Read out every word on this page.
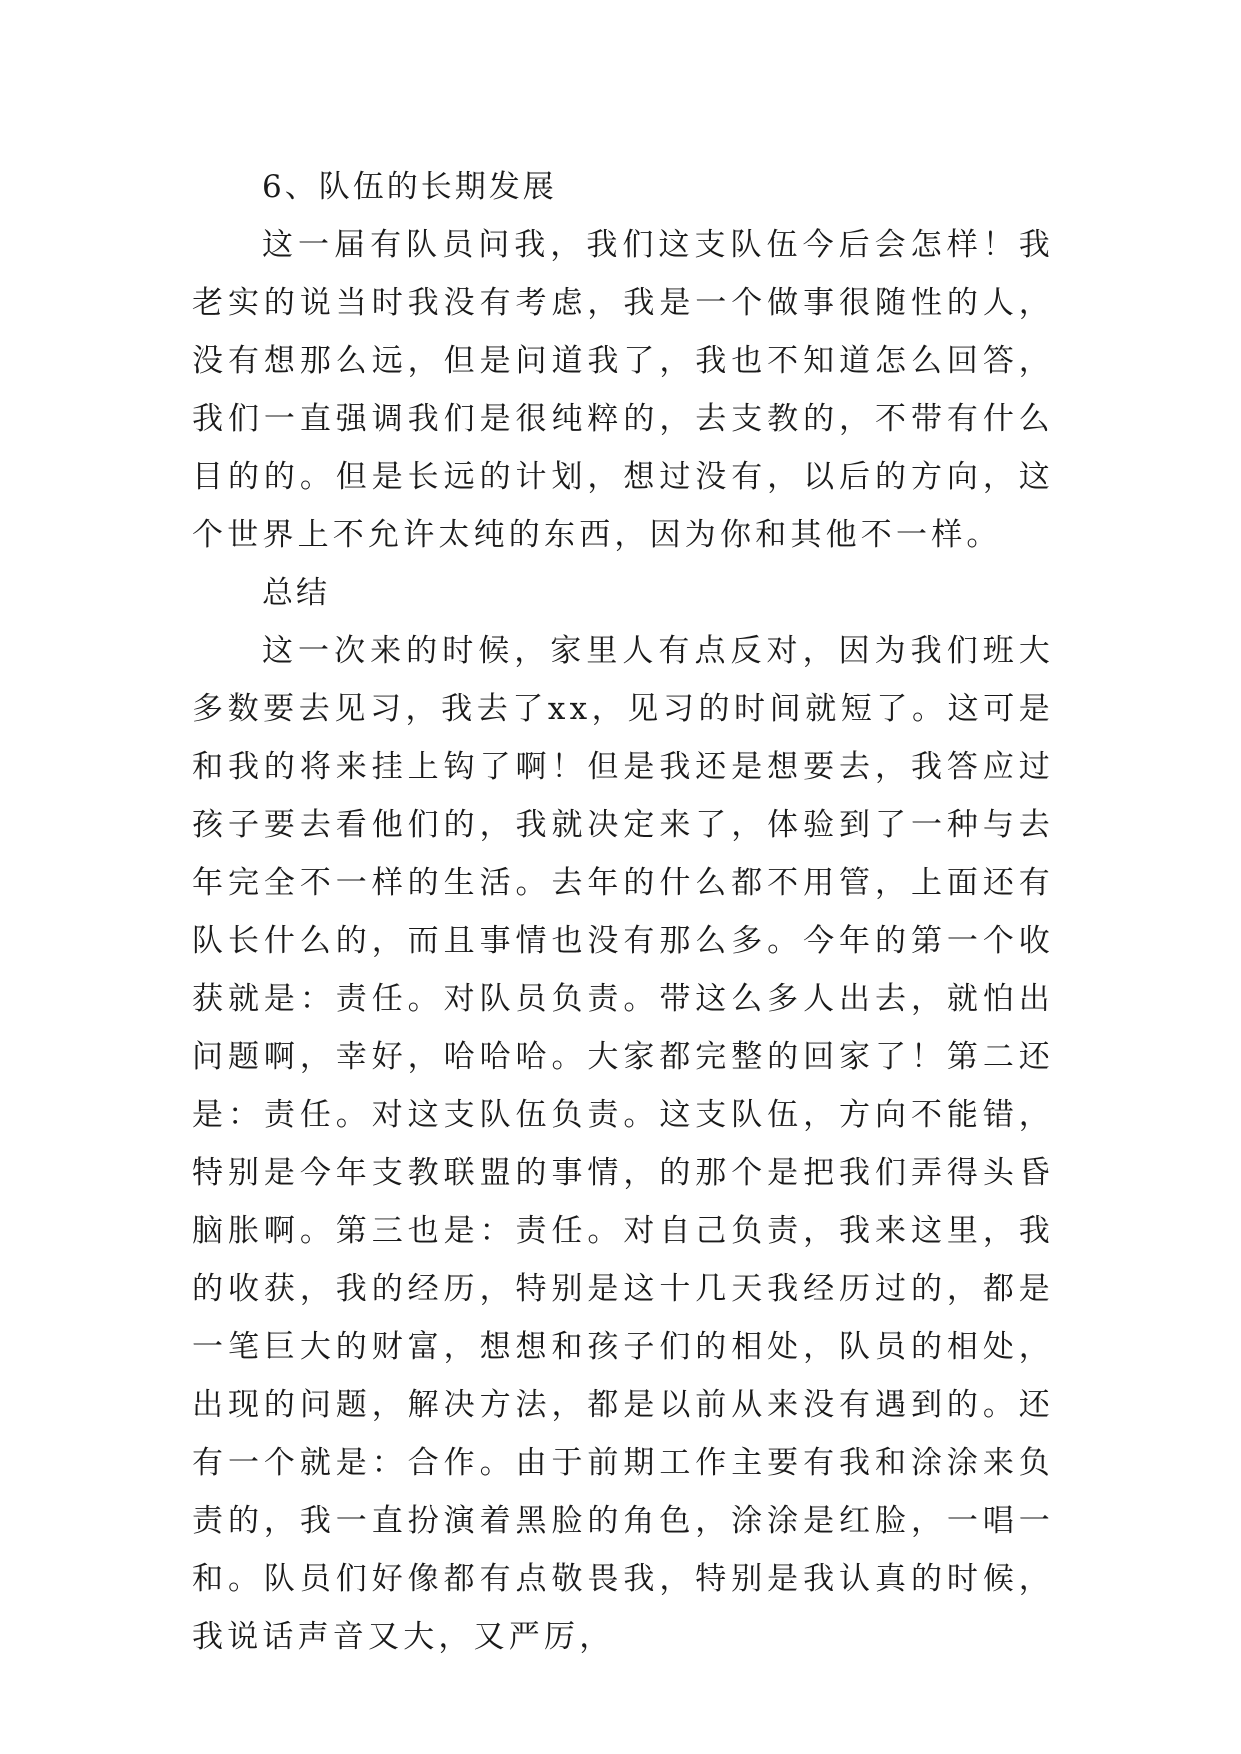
6、队伍的长期发展

这一届有队员问我，我们这支队伍今后会怎样！我老实的说当时我没有考虑，我是一个做事很随性的人，没有想那么远，但是问道我了，我也不知道怎么回答，我们一直强调我们是很纯粹的，去支教的，不带有什么目的的。但是长远的计划，想过没有，以后的方向，这个世界上不允许太纯的东西，因为你和其他不一样。

总结

这一次来的时候，家里人有点反对，因为我们班大多数要去见习，我去了xx，见习的时间就短了。这可是和我的将来挂上钩了啊！但是我还是想要去，我答应过孩子要去看他们的，我就决定来了，体验到了一种与去年完全不一样的生活。去年的什么都不用管，上面还有队长什么的，而且事情也没有那么多。今年的第一个收获就是：责任。对队员负责。带这么多人出去，就怕出问题啊，幸好，哈哈哈。大家都完整的回家了！第二还是：责任。对这支队伍负责。这支队伍，方向不能错，特别是今年支教联盟的事情，的那个是把我们弄得头昏脑胀啊。第三也是：责任。对自己负责，我来这里，我的收获，我的经历，特别是这十几天我经历过的，都是一笔巨大的财富，想想和孩子们的相处，队员的相处，出现的问题，解决方法，都是以前从来没有遇到的。还有一个就是：合作。由于前期工作主要有我和涂涂来负责的，我一直扮演着黑脸的角色，涂涂是红脸，一唱一和。队员们好像都有点敬畏我，特别是我认真的时候，我说话声音又大，又严厉，
